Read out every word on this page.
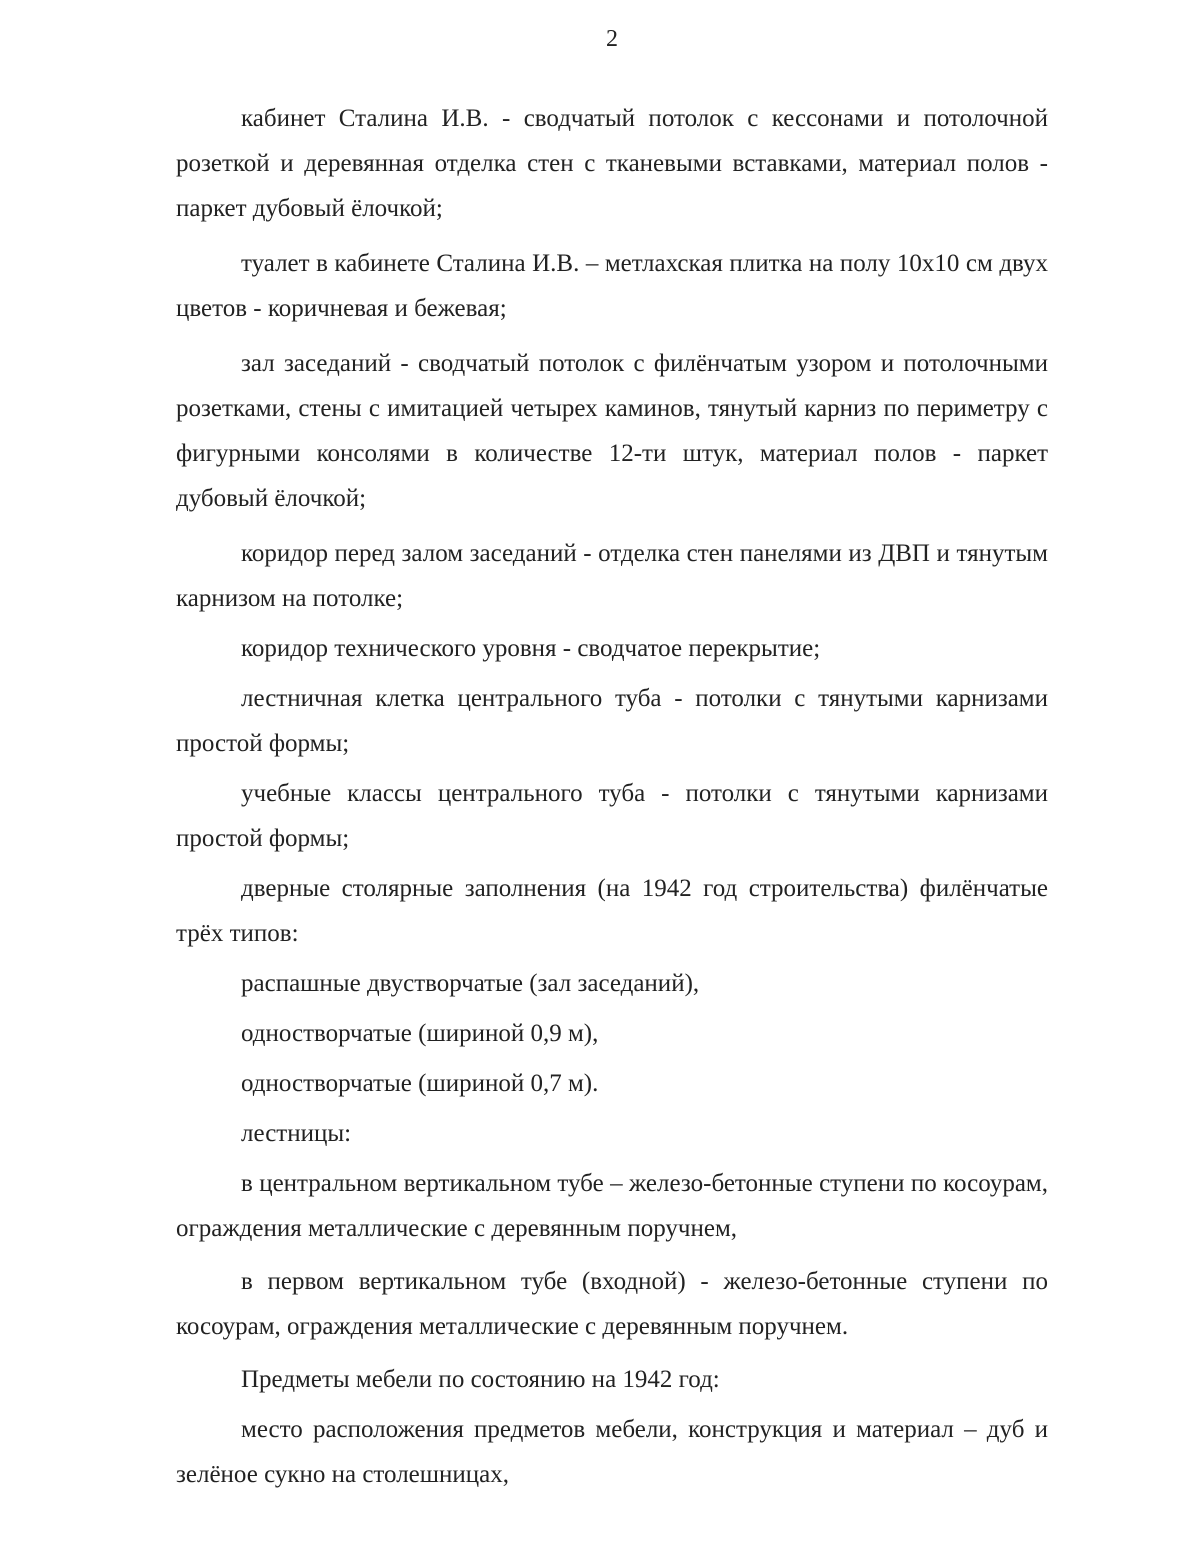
2

кабинет Сталина И.В. - сводчатый потолок с кессонами и потолочной розеткой и деревянная отделка стен с тканевыми вставками, материал полов - паркет дубовый ёлочкой;

туалет в кабинете Сталина И.В. – метлахская плитка на полу 10х10 см двух цветов - коричневая и бежевая;

зал заседаний - сводчатый потолок с филёнчатым узором и потолочными розетками, стены с имитацией четырех каминов, тянутый карниз по периметру с фигурными консолями в количестве 12-ти штук, материал полов - паркет дубовый ёлочкой;

коридор перед залом заседаний - отделка стен панелями из ДВП и тянутым карнизом на потолке;

коридор технического уровня - сводчатое перекрытие;

лестничная клетка центрального туба - потолки с тянутыми карнизами простой формы;

учебные классы центрального туба - потолки с тянутыми карнизами простой формы;

дверные столярные заполнения (на 1942 год строительства) филёнчатые трёх типов:

распашные двустворчатые (зал заседаний),

одностворчатые (шириной 0,9 м),

одностворчатые (шириной 0,7 м).

лестницы:

в центральном вертикальном тубе – железо-бетонные ступени по косоурам, ограждения металлические с деревянным поручнем,

в первом вертикальном тубе (входной) - железо-бетонные ступени по косоурам, ограждения металлические с деревянным поручнем.

Предметы мебели по состоянию на 1942 год:

место расположения предметов мебели, конструкция и материал – дуб и зелёное сукно на столешницах,
